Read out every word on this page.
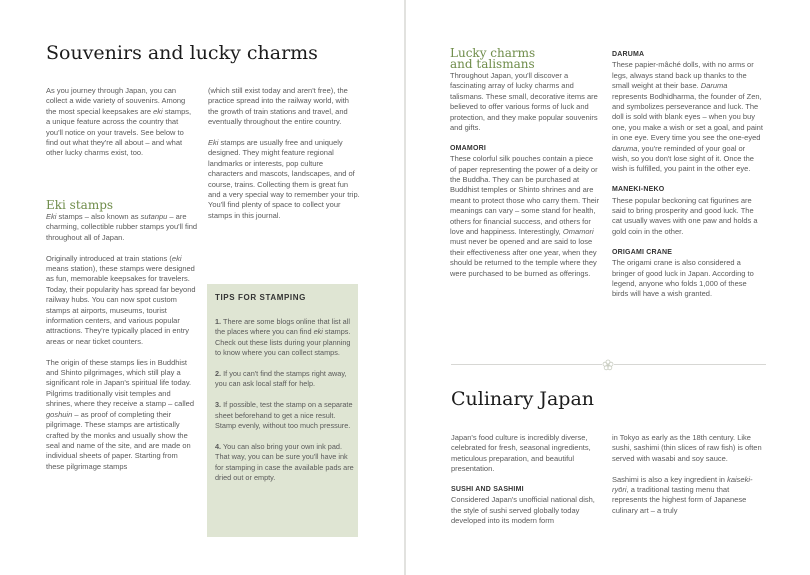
Souvenirs and lucky charms

As you journey through Japan, you can collect a wide variety of souvenirs. Among the most special keepsakes are eki stamps, a unique feature across the country that you'll notice on your travels. See below to find out what they're all about – and what other lucky charms exist, too.

Eki stamps

Eki stamps – also known as sutanpu – are charming, collectible rubber stamps you'll find throughout all of Japan.

Originally introduced at train stations (eki means station), these stamps were designed as fun, memorable keepsakes for travelers. Today, their popularity has spread far beyond railway hubs. You can now spot custom stamps at airports, museums, tourist information centers, and various popular attractions. They're typically placed in entry areas or near ticket counters.

The origin of these stamps lies in Buddhist and Shinto pilgrimages, which still play a significant role in Japan's spiritual life today. Pilgrims traditionally visit temples and shrines, where they receive a stamp – called goshuin – as proof of completing their pilgrimage. These stamps are artistically crafted by the monks and usually show the seal and name of the site, and are made on individual sheets of paper. Starting from these pilgrimage stamps

(which still exist today and aren't free), the practice spread into the railway world, with the growth of train stations and travel, and eventually throughout the entire country.

Eki stamps are usually free and uniquely designed. They might feature regional landmarks or interests, pop culture characters and mascots, landscapes, and of course, trains. Collecting them is great fun and a very special way to remember your trip. You'll find plenty of space to collect your stamps in this journal.

TIPS FOR STAMPING

1. There are some blogs online that list all the places where you can find eki stamps. Check out these lists during your planning to know where you can collect stamps.

2. If you can't find the stamps right away, you can ask local staff for help.

3. If possible, test the stamp on a separate sheet beforehand to get a nice result. Stamp evenly, without too much pressure.

4. You can also bring your own ink pad. That way, you can be sure you'll have ink for stamping in case the available pads are dried out or empty.

Lucky charms
and talismans

Throughout Japan, you'll discover a fascinating array of lucky charms and talismans. These small, decorative items are believed to offer various forms of luck and protection, and they make popular souvenirs and gifts.

OMAMORI
These colorful silk pouches contain a piece of paper representing the power of a deity or the Buddha. They can be purchased at Buddhist temples or Shinto shrines and are meant to protect those who carry them. Their meanings can vary – some stand for health, others for financial success, and others for love and happiness. Interestingly, Omamori must never be opened and are said to lose their effectiveness after one year, when they should be returned to the temple where they were purchased to be burned as offerings.

DARUMA
These papier-mâché dolls, with no arms or legs, always stand back up thanks to the small weight at their base. Daruma represents Bodhidharma, the founder of Zen, and symbolizes perseverance and luck. The doll is sold with blank eyes – when you buy one, you make a wish or set a goal, and paint in one eye. Every time you see the one-eyed daruma, you're reminded of your goal or wish, so you don't lose sight of it. Once the wish is fulfilled, you paint in the other eye.

MANEKI-NEKO
These popular beckoning cat figurines are said to bring prosperity and good luck. The cat usually waves with one paw and holds a gold coin in the other.

ORIGAMI CRANE
The origami crane is also considered a bringer of good luck in Japan. According to legend, anyone who folds 1,000 of these birds will have a wish granted.

Culinary Japan

Japan's food culture is incredibly diverse, celebrated for fresh, seasonal ingredients, meticulous preparation, and beautiful presentation.

SUSHI AND SASHIMI
Considered Japan's unofficial national dish, the style of sushi served globally today developed into its modern form

in Tokyo as early as the 18th century. Like sushi, sashimi (thin slices of raw fish) is often served with wasabi and soy sauce.

Sashimi is also a key ingredient in kaiseki-ryōri, a traditional tasting menu that represents the highest form of Japanese culinary art – a truly
